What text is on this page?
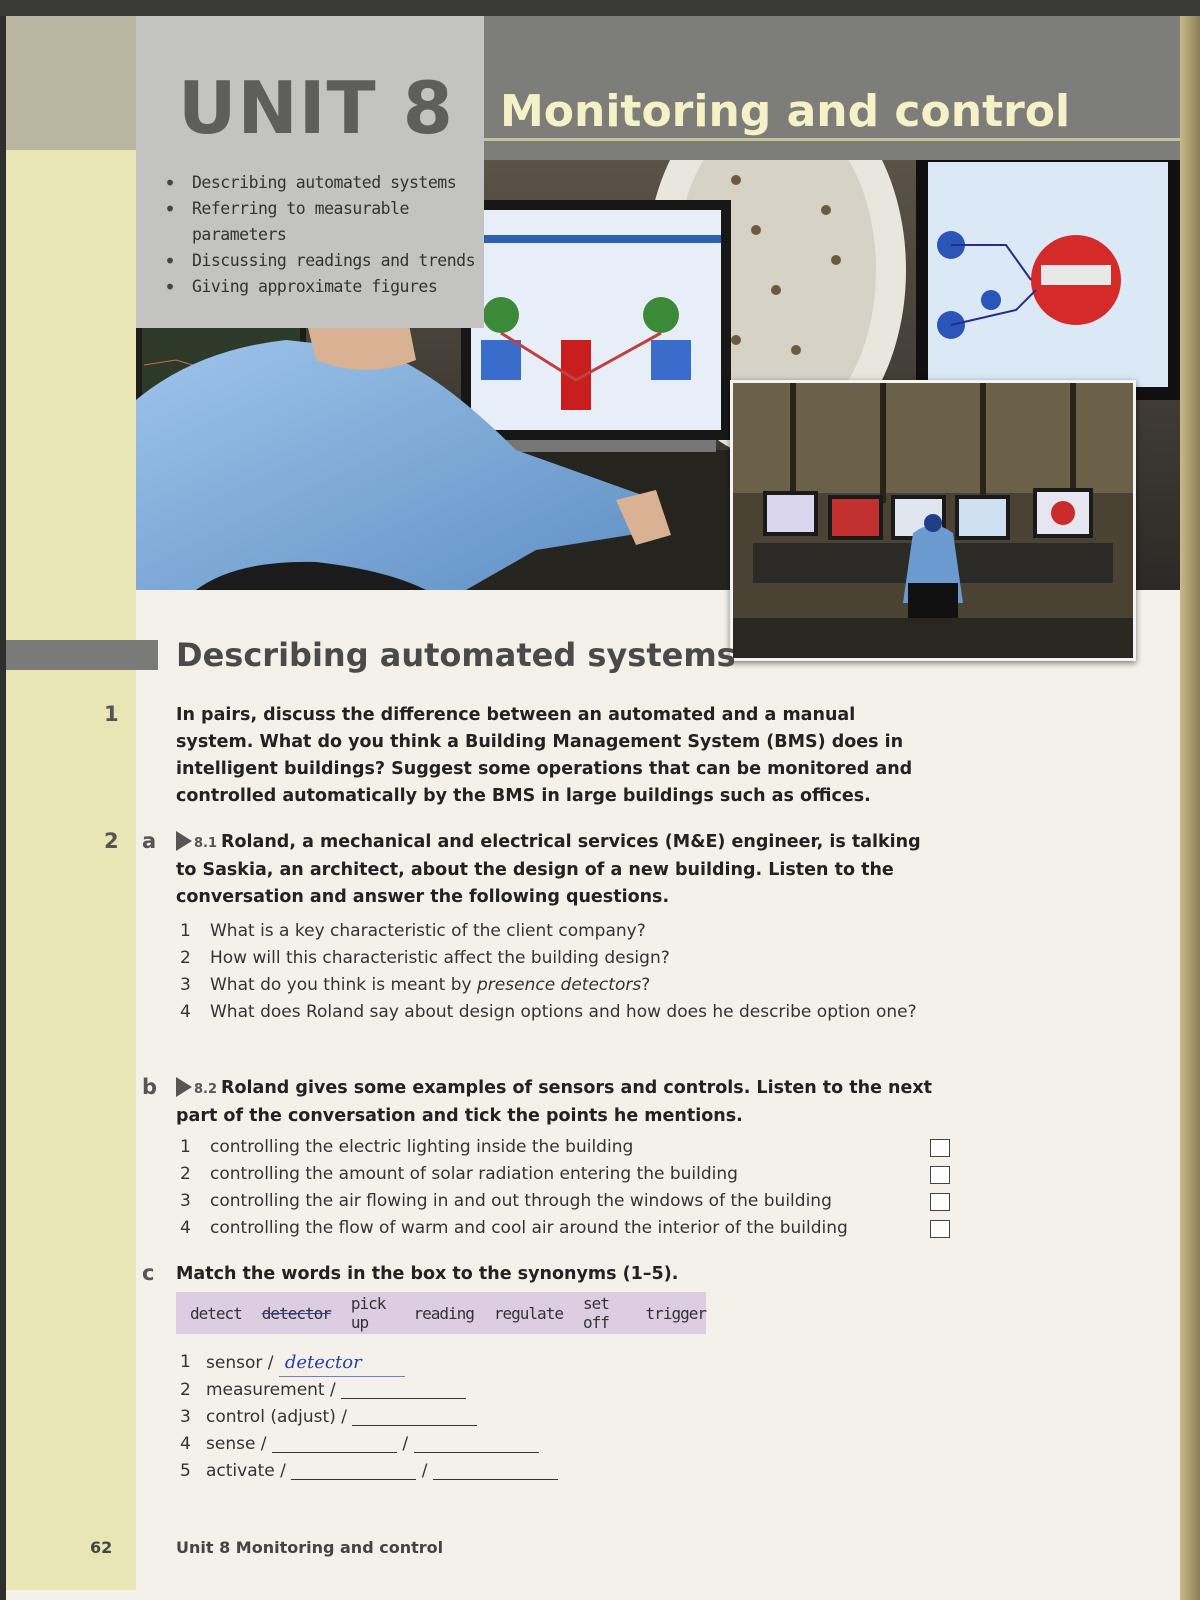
UNIT 8 Monitoring and control
• Describing automated systems
• Referring to measurable parameters
• Discussing readings and trends
• Giving approximate figures
Describing automated systems
1	In pairs, discuss the difference between an automated and a manual system. What do you think a Building Management System (BMS) does in intelligent buildings? Suggest some operations that can be monitored and controlled automatically by the BMS in large buildings such as offices.
2 a	8.1 Roland, a mechanical and electrical services (M&E) engineer, is talking to Saskia, an architect, about the design of a new building. Listen to the conversation and answer the following questions.
1 What is a key characteristic of the client company?
2 How will this characteristic affect the building design?
3 What do you think is meant by presence detectors?
4 What does Roland say about design options and how does he describe option one?
b	8.2 Roland gives some examples of sensors and controls. Listen to the next part of the conversation and tick the points he mentions.
1 controlling the electric lighting inside the building
2 controlling the amount of solar radiation entering the building
3 controlling the air flowing in and out through the windows of the building
4 controlling the flow of warm and cool air around the interior of the building
c Match the words in the box to the synonyms (1–5).
detect detector pick up	reading regulate set off	trigger
1 sensor / detector
2 measurement /
3 control (adjust) /
4 sense /	/
5 activate /	/
62	Unit 8 Monitoring and control
